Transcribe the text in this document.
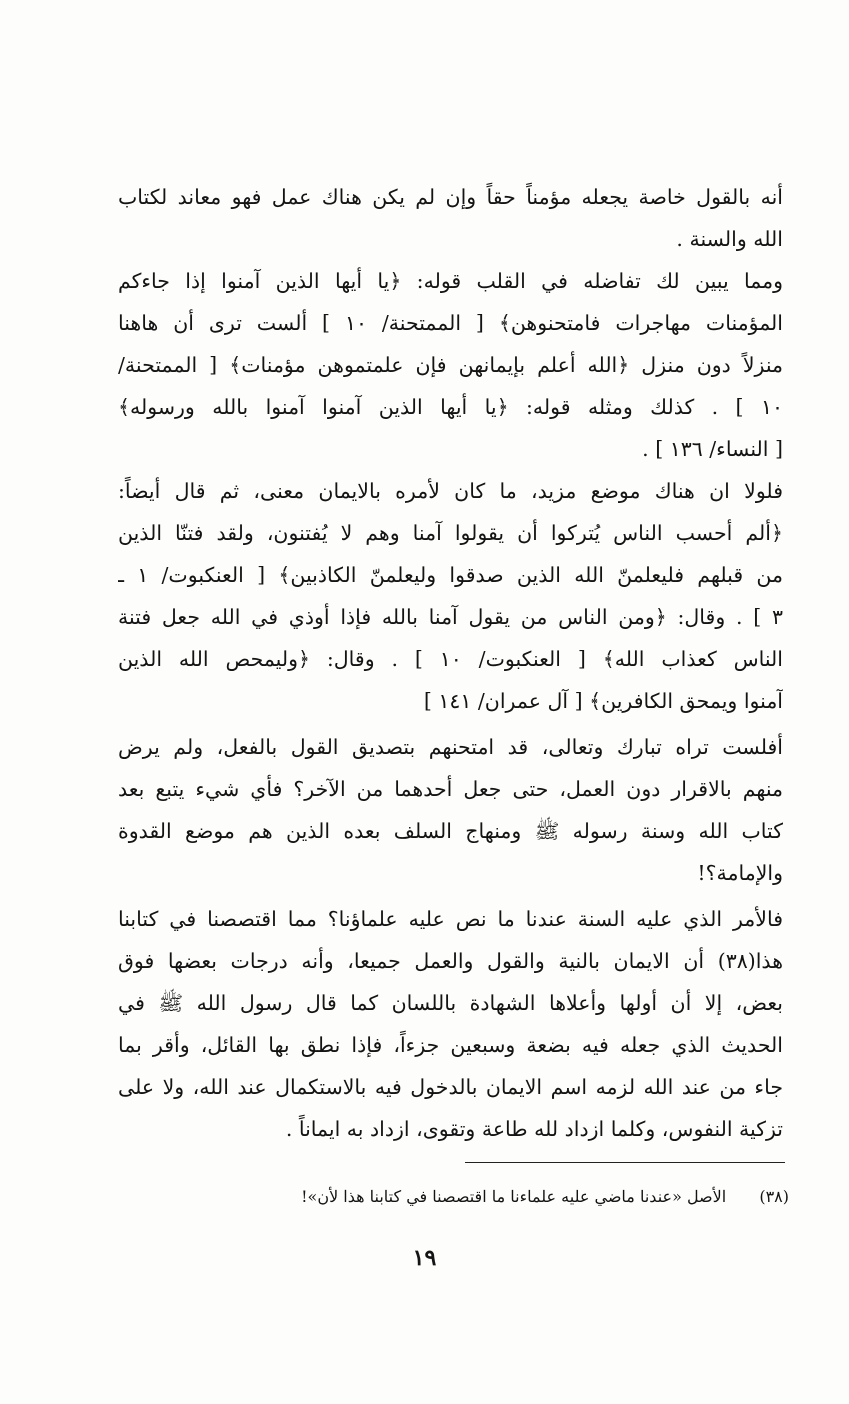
أنه بالقول خاصة يجعله مؤمناً حقاً وإن لم يكن هناك عمل فهو معاند لكتاب
الله والسنة .
ومما يبين لك تفاضله في القلب قوله: ﴿يا أيها الذين آمنوا إذا جاءكم
المؤمنات مهاجرات فامتحنوهن﴾ [ الممتحنة/ ١٠ ] ألست ترى أن هاهنا
منزلاً دون منزل ﴿الله أعلم بإيمانهن فإن علمتموهن مؤمنات﴾ [ الممتحنة/
١٠ ] . كذلك ومثله قوله: ﴿يا أيها الذين آمنوا آمنوا بالله ورسوله﴾
[ النساء/ ١٣٦ ] .
فلولا ان هناك موضع مزيد، ما كان لأمره بالايمان معنى، ثم قال أيضاً:
﴿ألم أحسب الناس يُتركوا أن يقولوا آمنا وهم لا يُفتنون، ولقد فتنّا الذين
من قبلهم فليعلمنّ الله الذين صدقوا وليعلمنّ الكاذبين﴾ [ العنكبوت/ ١ ـ
٣ ] . وقال: ﴿ومن الناس من يقول آمنا بالله فإذا أوذي في الله جعل فتنة
الناس كعذاب الله﴾ [ العنكبوت/ ١٠ ] . وقال: ﴿وليمحص الله الذين
آمنوا ويمحق الكافرين﴾ [ آل عمران/ ١٤١ ]
أفلست تراه تبارك وتعالى، قد امتحنهم بتصديق القول بالفعل، ولم يرض
منهم بالاقرار دون العمل، حتى جعل أحدهما من الآخر؟ فأي شيء يتبع بعد
كتاب الله وسنة رسوله ﷺ ومنهاج السلف بعده الذين هم موضع القدوة
والإمامة؟!
فالأمر الذي عليه السنة عندنا ما نص عليه علماؤنا؟ مما اقتصصنا في كتابنا
هذا(٣٨) أن الايمان بالنية والقول والعمل جميعا، وأنه درجات بعضها فوق
بعض، إلا أن أولها وأعلاها الشهادة باللسان كما قال رسول الله ﷺ في
الحديث الذي جعله فيه بضعة وسبعين جزءاً، فإذا نطق بها القائل، وأقر بما
جاء من عند الله لزمه اسم الايمان بالدخول فيه بالاستكمال عند الله، ولا على
تزكية النفوس، وكلما ازداد لله طاعة وتقوى، ازداد به ايماناً .
(٣٨) الأصل «عندنا ماضي عليه علماءنا ما اقتصصنا في كتابنا هذا لأن»!
١٩
